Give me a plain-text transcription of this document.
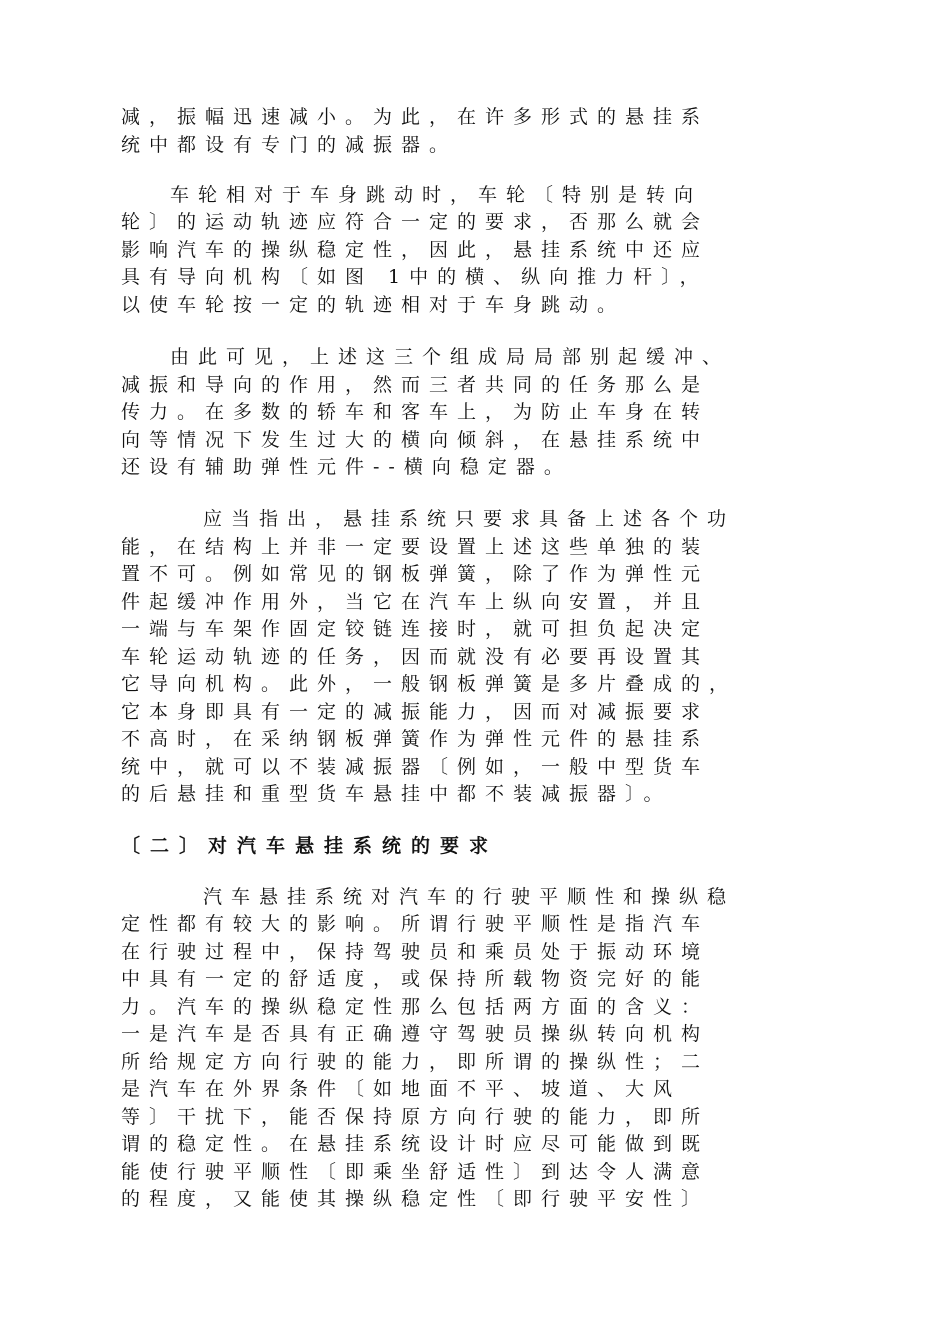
减，振幅迅速减小。为此，在许多形式的悬挂系
统中都设有专门的减振器。
车轮相对于车身跳动时，车轮〔特别是转向
轮〕的运动轨迹应符合一定的要求，否那么就会
影响汽车的操纵稳定性，因此，悬挂系统中还应
具有导向机构〔如图 1中的横、纵向推力杆〕，
以使车轮按一定的轨迹相对于车身跳动。
由此可见，上述这三个组成局局部别起缓冲、
减振和导向的作用，然而三者共同的任务那么是
传力。在多数的轿车和客车上，为防止车身在转
向等情况下发生过大的横向倾斜，在悬挂系统中
还设有辅助弹性元件--横向稳定器。
应当指出，悬挂系统只要求具备上述各个功
能，在结构上并非一定要设置上述这些单独的装
置不可。例如常见的钢板弹簧，除了作为弹性元
件起缓冲作用外，当它在汽车上纵向安置，并且
一端与车架作固定铰链连接时，就可担负起决定
车轮运动轨迹的任务，因而就没有必要再设置其
它导向机构。此外，一般钢板弹簧是多片叠成的，
它本身即具有一定的减振能力，因而对减振要求
不高时，在采纳钢板弹簧作为弹性元件的悬挂系
统中，就可以不装减振器〔例如，一般中型货车
的后悬挂和重型货车悬挂中都不装减振器〕。
〔二〕对汽车悬挂系统的要求
汽车悬挂系统对汽车的行驶平顺性和操纵稳
定性都有较大的影响。所谓行驶平顺性是指汽车
在行驶过程中，保持驾驶员和乘员处于振动环境
中具有一定的舒适度，或保持所载物资完好的能
力。汽车的操纵稳定性那么包括两方面的含义：
一是汽车是否具有正确遵守驾驶员操纵转向机构
所给规定方向行驶的能力，即所谓的操纵性；二
是汽车在外界条件〔如地面不平、坡道、大风
等〕干扰下，能否保持原方向行驶的能力，即所
谓的稳定性。在悬挂系统设计时应尽可能做到既
能使行驶平顺性〔即乘坐舒适性〕到达令人满意
的程度，又能使其操纵稳定性〔即行驶平安性〕
